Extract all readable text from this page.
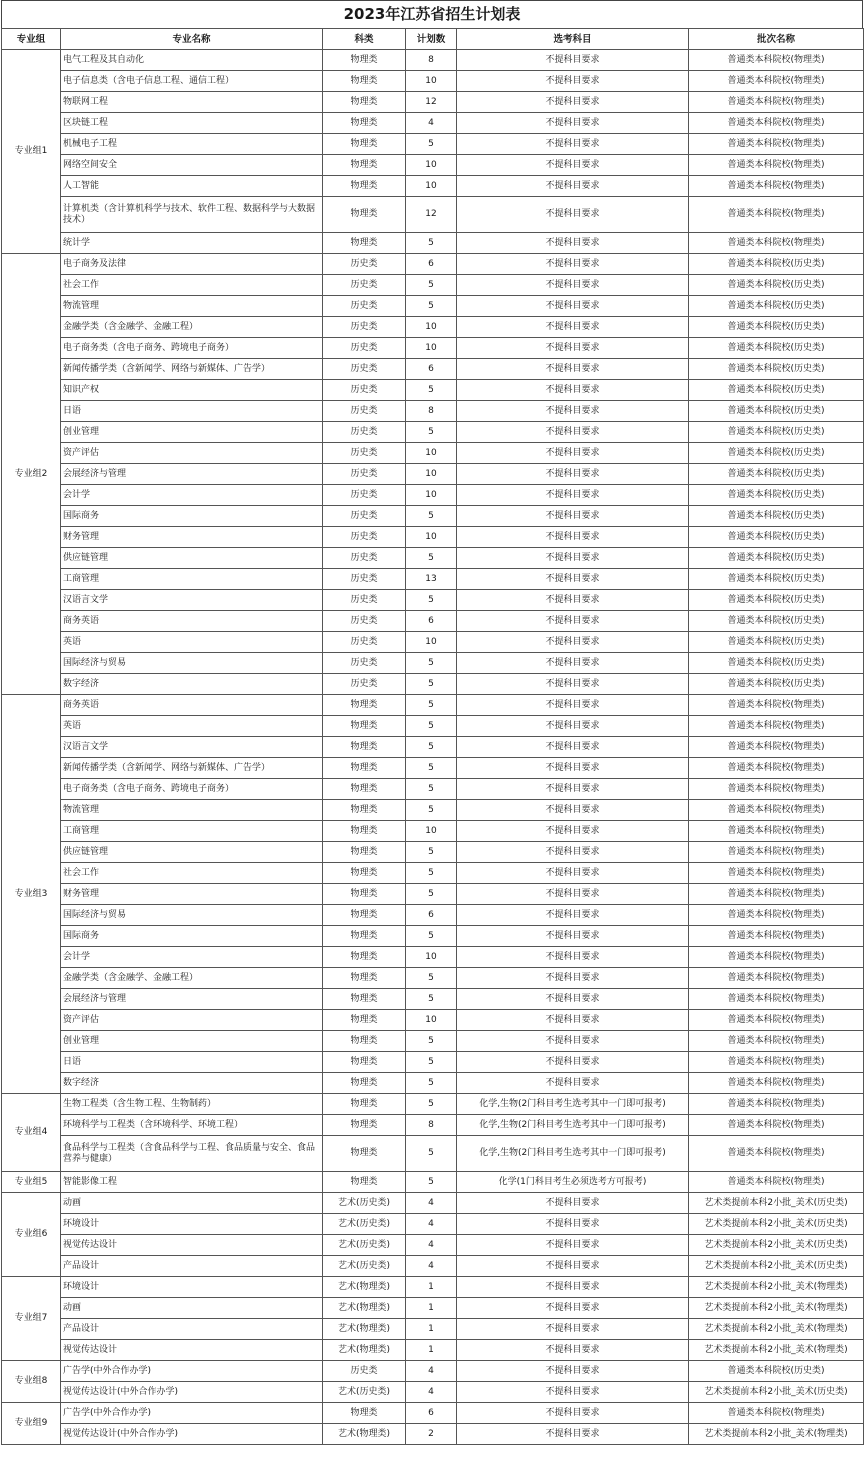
2023年江苏省招生计划表
专业组	专业名称	科类	计划数	选考科目	批次名称
专业组1	电气工程及其自动化	物理类	8	不提科目要求	普通类本科院校(物理类)
	电子信息类（含电子信息工程、通信工程）	物理类	10	不提科目要求	普通类本科院校(物理类)
	物联网工程	物理类	12	不提科目要求	普通类本科院校(物理类)
	区块链工程	物理类	4	不提科目要求	普通类本科院校(物理类)
	机械电子工程	物理类	5	不提科目要求	普通类本科院校(物理类)
	网络空间安全	物理类	10	不提科目要求	普通类本科院校(物理类)
	人工智能	物理类	10	不提科目要求	普通类本科院校(物理类)
	计算机类（含计算机科学与技术、软件工程、数据科学与大数据技术）	物理类	12	不提科目要求	普通类本科院校(物理类)
	统计学	物理类	5	不提科目要求	普通类本科院校(物理类)
专业组2	电子商务及法律	历史类	6	不提科目要求	普通类本科院校(历史类)
	社会工作	历史类	5	不提科目要求	普通类本科院校(历史类)
	物流管理	历史类	5	不提科目要求	普通类本科院校(历史类)
	金融学类（含金融学、金融工程）	历史类	10	不提科目要求	普通类本科院校(历史类)
	电子商务类（含电子商务、跨境电子商务）	历史类	10	不提科目要求	普通类本科院校(历史类)
	新闻传播学类（含新闻学、网络与新媒体、广告学）	历史类	6	不提科目要求	普通类本科院校(历史类)
	知识产权	历史类	5	不提科目要求	普通类本科院校(历史类)
	日语	历史类	8	不提科目要求	普通类本科院校(历史类)
	创业管理	历史类	5	不提科目要求	普通类本科院校(历史类)
	资产评估	历史类	10	不提科目要求	普通类本科院校(历史类)
	会展经济与管理	历史类	10	不提科目要求	普通类本科院校(历史类)
	会计学	历史类	10	不提科目要求	普通类本科院校(历史类)
	国际商务	历史类	5	不提科目要求	普通类本科院校(历史类)
	财务管理	历史类	10	不提科目要求	普通类本科院校(历史类)
	供应链管理	历史类	5	不提科目要求	普通类本科院校(历史类)
	工商管理	历史类	13	不提科目要求	普通类本科院校(历史类)
	汉语言文学	历史类	5	不提科目要求	普通类本科院校(历史类)
	商务英语	历史类	6	不提科目要求	普通类本科院校(历史类)
	英语	历史类	10	不提科目要求	普通类本科院校(历史类)
	国际经济与贸易	历史类	5	不提科目要求	普通类本科院校(历史类)
	数字经济	历史类	5	不提科目要求	普通类本科院校(历史类)
专业组3	商务英语	物理类	5	不提科目要求	普通类本科院校(物理类)
	英语	物理类	5	不提科目要求	普通类本科院校(物理类)
	汉语言文学	物理类	5	不提科目要求	普通类本科院校(物理类)
	新闻传播学类（含新闻学、网络与新媒体、广告学）	物理类	5	不提科目要求	普通类本科院校(物理类)
	电子商务类（含电子商务、跨境电子商务）	物理类	5	不提科目要求	普通类本科院校(物理类)
	物流管理	物理类	5	不提科目要求	普通类本科院校(物理类)
	工商管理	物理类	10	不提科目要求	普通类本科院校(物理类)
	供应链管理	物理类	5	不提科目要求	普通类本科院校(物理类)
	社会工作	物理类	5	不提科目要求	普通类本科院校(物理类)
	财务管理	物理类	5	不提科目要求	普通类本科院校(物理类)
	国际经济与贸易	物理类	6	不提科目要求	普通类本科院校(物理类)
	国际商务	物理类	5	不提科目要求	普通类本科院校(物理类)
	会计学	物理类	10	不提科目要求	普通类本科院校(物理类)
	金融学类（含金融学、金融工程）	物理类	5	不提科目要求	普通类本科院校(物理类)
	会展经济与管理	物理类	5	不提科目要求	普通类本科院校(物理类)
	资产评估	物理类	10	不提科目要求	普通类本科院校(物理类)
	创业管理	物理类	5	不提科目要求	普通类本科院校(物理类)
	日语	物理类	5	不提科目要求	普通类本科院校(物理类)
	数字经济	物理类	5	不提科目要求	普通类本科院校(物理类)
专业组4	生物工程类（含生物工程、生物制药）	物理类	5	化学,生物(2门科目考生选考其中一门即可报考)	普通类本科院校(物理类)
	环境科学与工程类（含环境科学、环境工程）	物理类	8	化学,生物(2门科目考生选考其中一门即可报考)	普通类本科院校(物理类)
	食品科学与工程类（含食品科学与工程、食品质量与安全、食品营养与健康）	物理类	5	化学,生物(2门科目考生选考其中一门即可报考)	普通类本科院校(物理类)
专业组5	智能影像工程	物理类	5	化学(1门科目考生必须选考方可报考)	普通类本科院校(物理类)
专业组6	动画	艺术(历史类)	4	不提科目要求	艺术类提前本科2小批_美术(历史类)
	环境设计	艺术(历史类)	4	不提科目要求	艺术类提前本科2小批_美术(历史类)
	视觉传达设计	艺术(历史类)	4	不提科目要求	艺术类提前本科2小批_美术(历史类)
	产品设计	艺术(历史类)	4	不提科目要求	艺术类提前本科2小批_美术(历史类)
专业组7	环境设计	艺术(物理类)	1	不提科目要求	艺术类提前本科2小批_美术(物理类)
	动画	艺术(物理类)	1	不提科目要求	艺术类提前本科2小批_美术(物理类)
	产品设计	艺术(物理类)	1	不提科目要求	艺术类提前本科2小批_美术(物理类)
	视觉传达设计	艺术(物理类)	1	不提科目要求	艺术类提前本科2小批_美术(物理类)
专业组8	广告学(中外合作办学)	历史类	4	不提科目要求	普通类本科院校(历史类)
	视觉传达设计(中外合作办学)	艺术(历史类)	4	不提科目要求	艺术类提前本科2小批_美术(历史类)
专业组9	广告学(中外合作办学)	物理类	6	不提科目要求	普通类本科院校(物理类)
	视觉传达设计(中外合作办学)	艺术(物理类)	2	不提科目要求	艺术类提前本科2小批_美术(物理类)
